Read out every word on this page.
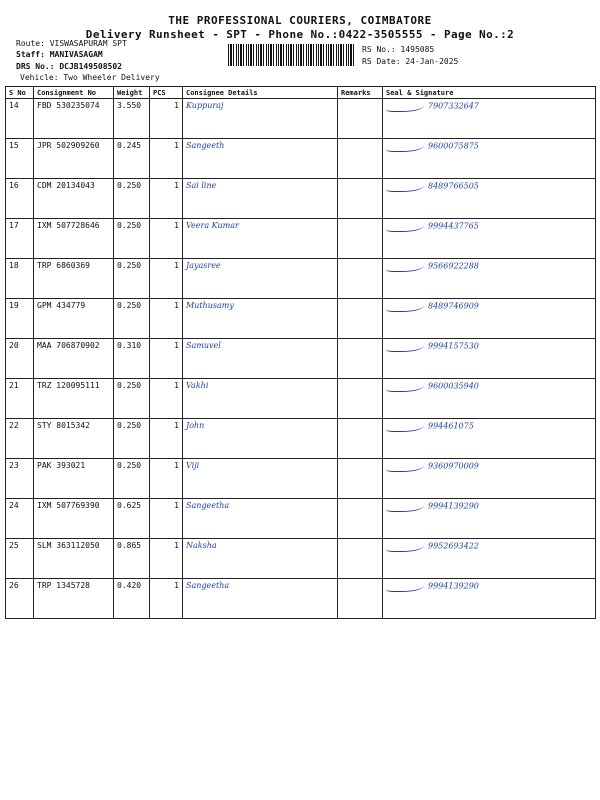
THE PROFESSIONAL COURIERS, COIMBATORE
Delivery Runsheet - SPT - Phone No.:0422-3505555 - Page No.:2
Route: VISWASAPURAM SPT
Staff: MANIVASAGAM
DRS No.: DCJB149508502
Vehicle: Two Wheeler Delivery
RS No.: 1495085
RS Date: 24-Jan-2025
S No	Consignment No	Weight	PCS	Consignee Details	Remarks	Seal & Signature
14	FBD 530235074	3.550	1	Kuppuraj		7907332647
15	JPR 502909260	0.245	1	Sangeeth		9600075875
16	CDM 20134043	0.250	1	Sai line		8489766505
17	IXM 507728646	0.250	1	Veera Kumar		9994437765
18	TRP 6860369	0.250	1	Jayasree		9566922288
19	GPM 434779	0.250	1	Muthusamy		8489746909
20	MAA 706870902	0.310	1	Samuvel		9994157530
21	TRZ 120095111	0.250	1	Vakhi		9600035940
22	STY 8015342	0.250	1	John		994461075
23	PAK 393021	0.250	1	Viji		9360970009
24	IXM 507769390	0.625	1	Sangeetha		9994139290
25	SLM 363112050	0.865	1	Naksha		9952693422
26	TRP 1345728	0.420	1	Sangeetha		9994139290
